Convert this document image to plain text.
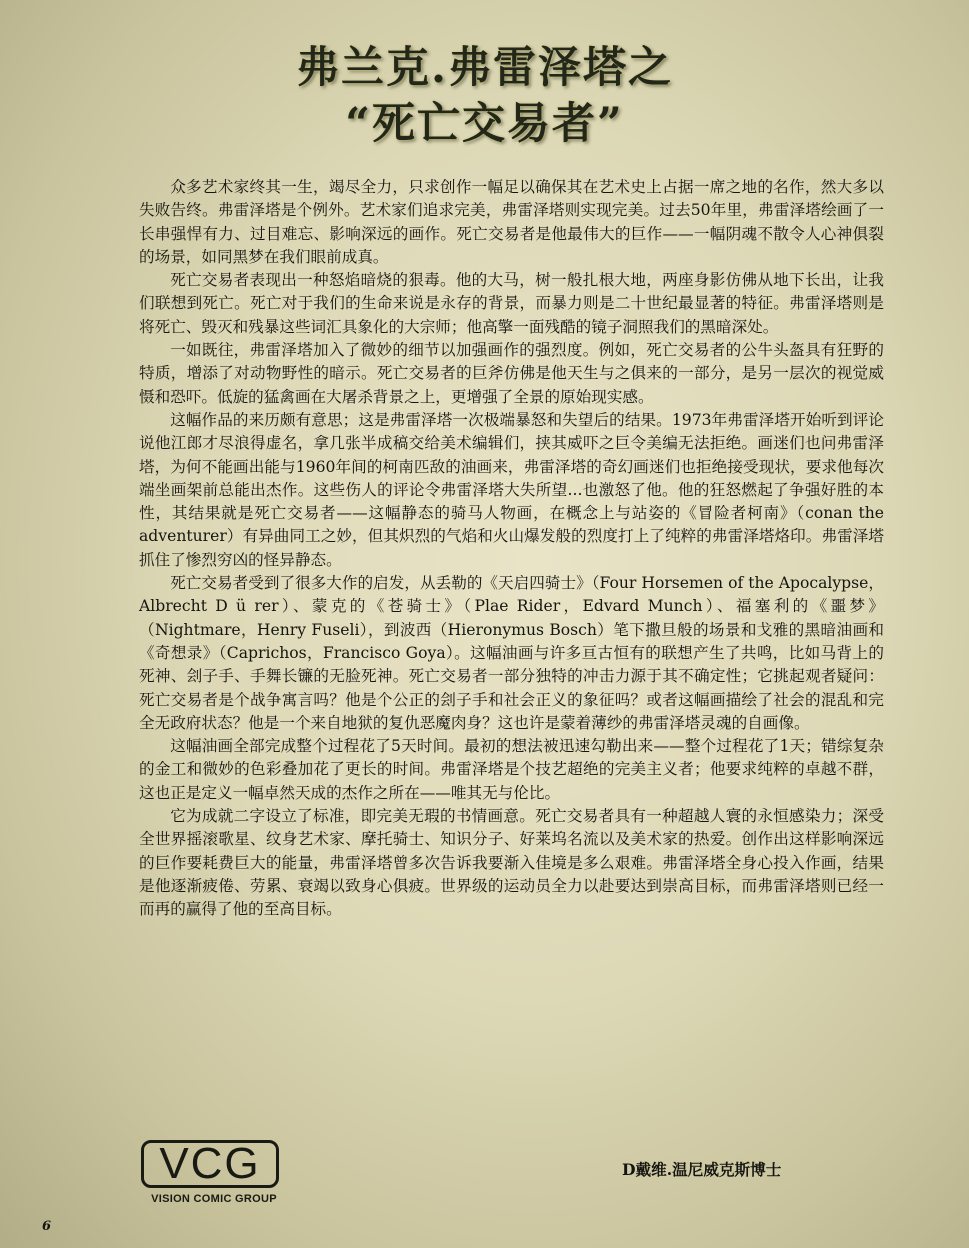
弗兰克.弗雷泽塔之
“死亡交易者”

众多艺术家终其一生，竭尽全力，只求创作一幅足以确保其在艺术史上占据一席之地的名作，然大多以失败告终。弗雷泽塔是个例外。艺术家们追求完美，弗雷泽塔则实现完美。过去50年里，弗雷泽塔绘画了一长串强悍有力、过目难忘、影响深远的画作。死亡交易者是他最伟大的巨作——一幅阴魂不散令人心神俱裂的场景，如同黑梦在我们眼前成真。

死亡交易者表现出一种怒焰暗烧的狠毒。他的大马，树一般扎根大地，两座身影仿佛从地下长出，让我们联想到死亡。死亡对于我们的生命来说是永存的背景，而暴力则是二十世纪最显著的特征。弗雷泽塔则是将死亡、毁灭和残暴这些词汇具象化的大宗师；他高擎一面残酷的镜子洞照我们的黑暗深处。

一如既往，弗雷泽塔加入了微妙的细节以加强画作的强烈度。例如，死亡交易者的公牛头盔具有狂野的特质，增添了对动物野性的暗示。死亡交易者的巨斧仿佛是他天生与之俱来的一部分，是另一层次的视觉威慑和恐吓。低旋的猛禽画在大屠杀背景之上，更增强了全景的原始现实感。

这幅作品的来历颇有意思；这是弗雷泽塔一次极端暴怒和失望后的结果。1973年弗雷泽塔开始听到评论说他江郎才尽浪得虚名，拿几张半成稿交给美术编辑们，挟其威吓之巨令美编无法拒绝。画迷们也问弗雷泽塔，为何不能画出能与1960年间的柯南匹敌的油画来，弗雷泽塔的奇幻画迷们也拒绝接受现状，要求他每次端坐画架前总能出杰作。这些伤人的评论令弗雷泽塔大失所望...也激怒了他。他的狂怒燃起了争强好胜的本性，其结果就是死亡交易者——这幅静态的骑马人物画，在概念上与站姿的《冒险者柯南》（conan the adventurer）有异曲同工之妙，但其炽烈的气焰和火山爆发般的烈度打上了纯粹的弗雷泽塔烙印。弗雷泽塔抓住了惨烈穷凶的怪异静态。

死亡交易者受到了很多大作的启发，从丢勒的《天启四骑士》（Four Horsemen of the Apocalypse，Albrecht D ü rer）、蒙克的《苍骑士》（Plae Rider，Edvard Munch）、福塞利的《噩梦》（Nightmare，Henry Fuseli），到波西（Hieronymus Bosch）笔下撒旦般的场景和戈雅的黑暗油画和《奇想录》（Caprichos，Francisco Goya）。这幅油画与许多亘古恒有的联想产生了共鸣，比如马背上的死神、刽子手、手舞长镰的无脸死神。死亡交易者一部分独特的冲击力源于其不确定性；它挑起观者疑问：死亡交易者是个战争寓言吗？他是个公正的刽子手和社会正义的象征吗？或者这幅画描绘了社会的混乱和完全无政府状态？他是一个来自地狱的复仇恶魔肉身？这也许是蒙着薄纱的弗雷泽塔灵魂的自画像。

这幅油画全部完成整个过程花了5天时间。最初的想法被迅速勾勒出来——整个过程花了1天；错综复杂的金工和微妙的色彩叠加花了更长的时间。弗雷泽塔是个技艺超绝的完美主义者；他要求纯粹的卓越不群，这也正是定义一幅卓然天成的杰作之所在——唯其无与伦比。

它为成就二字设立了标准，即完美无瑕的书情画意。死亡交易者具有一种超越人寰的永恒感染力；深受全世界摇滚歌星、纹身艺术家、摩托骑士、知识分子、好莱坞名流以及美术家的热爱。创作出这样影响深远的巨作要耗费巨大的能量，弗雷泽塔曾多次告诉我要渐入佳境是多么艰难。弗雷泽塔全身心投入作画，结果是他逐渐疲倦、劳累、衰竭以致身心俱疲。世界级的运动员全力以赴要达到崇高目标，而弗雷泽塔则已经一而再的赢得了他的至高目标。

VCG
VISION COMIC GROUP
D戴维.温尼威克斯博士
6
